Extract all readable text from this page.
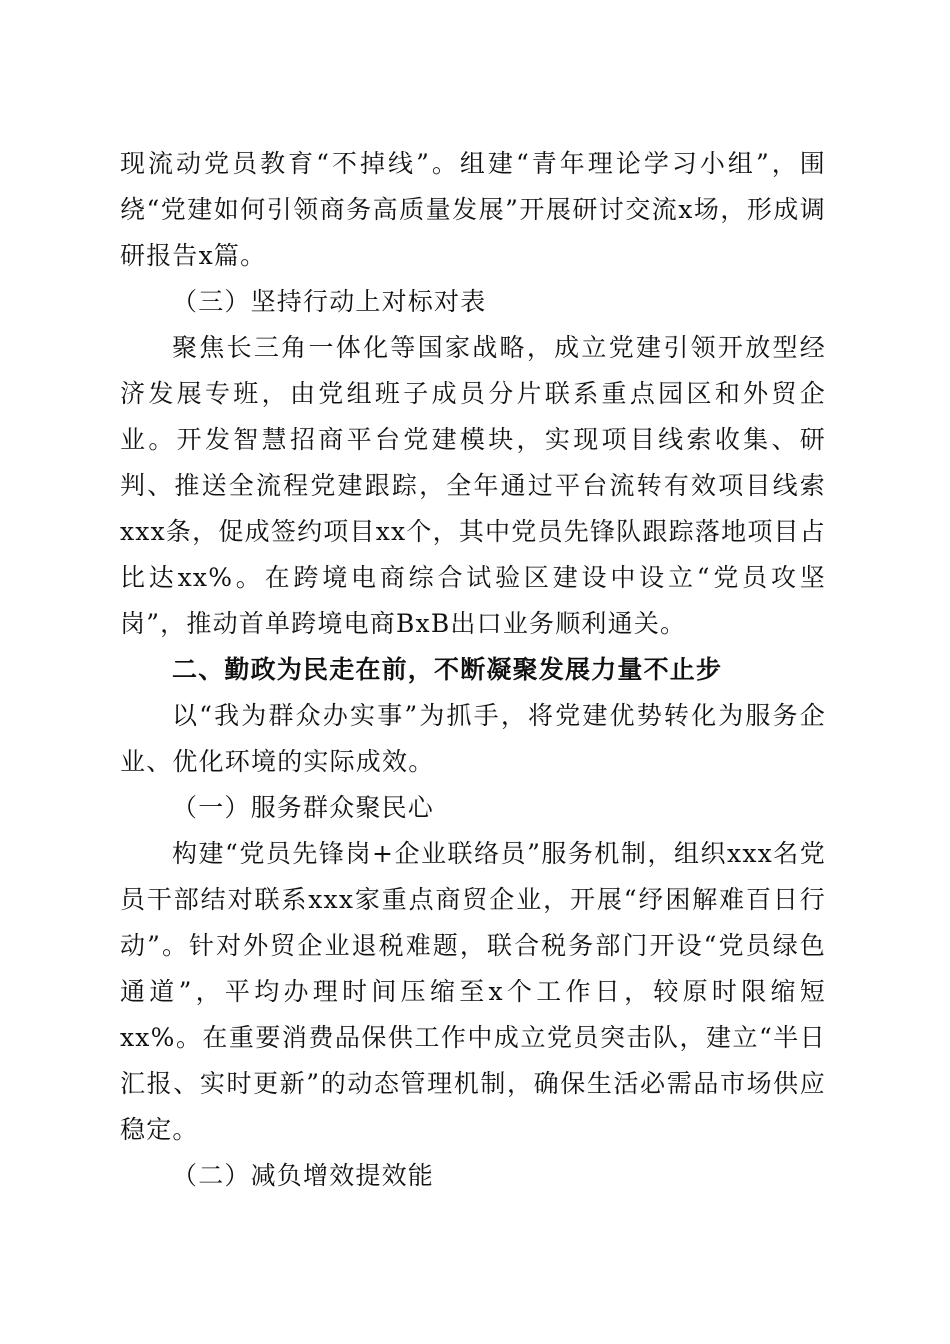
现流动党员教育“不掉线”。组建“青年理论学习小组”，围绕“党建如何引领商务高质量发展”开展研讨交流x场，形成调研报告x篇。

（三）坚持行动上对标对表

聚焦长三角一体化等国家战略，成立党建引领开放型经济发展专班，由党组班子成员分片联系重点园区和外贸企业。开发智慧招商平台党建模块，实现项目线索收集、研判、推送全流程党建跟踪，全年通过平台流转有效项目线索xxx条，促成签约项目xx个，其中党员先锋队跟踪落地项目占比达xx%。在跨境电商综合试验区建设中设立“党员攻坚岗”，推动首单跨境电商BxB出口业务顺利通关。

二、勤政为民走在前，不断凝聚发展力量不止步

以“我为群众办实事”为抓手，将党建优势转化为服务企业、优化环境的实际成效。

（一）服务群众聚民心

构建“党员先锋岗+企业联络员”服务机制，组织xxx名党员干部结对联系xxx家重点商贸企业，开展“纾困解难百日行动”。针对外贸企业退税难题，联合税务部门开设“党员绿色通道”，平均办理时间压缩至x个工作日，较原时限缩短xx%。在重要消费品保供工作中成立党员突击队，建立“半日汇报、实时更新”的动态管理机制，确保生活必需品市场供应稳定。

（二）减负增效提效能
